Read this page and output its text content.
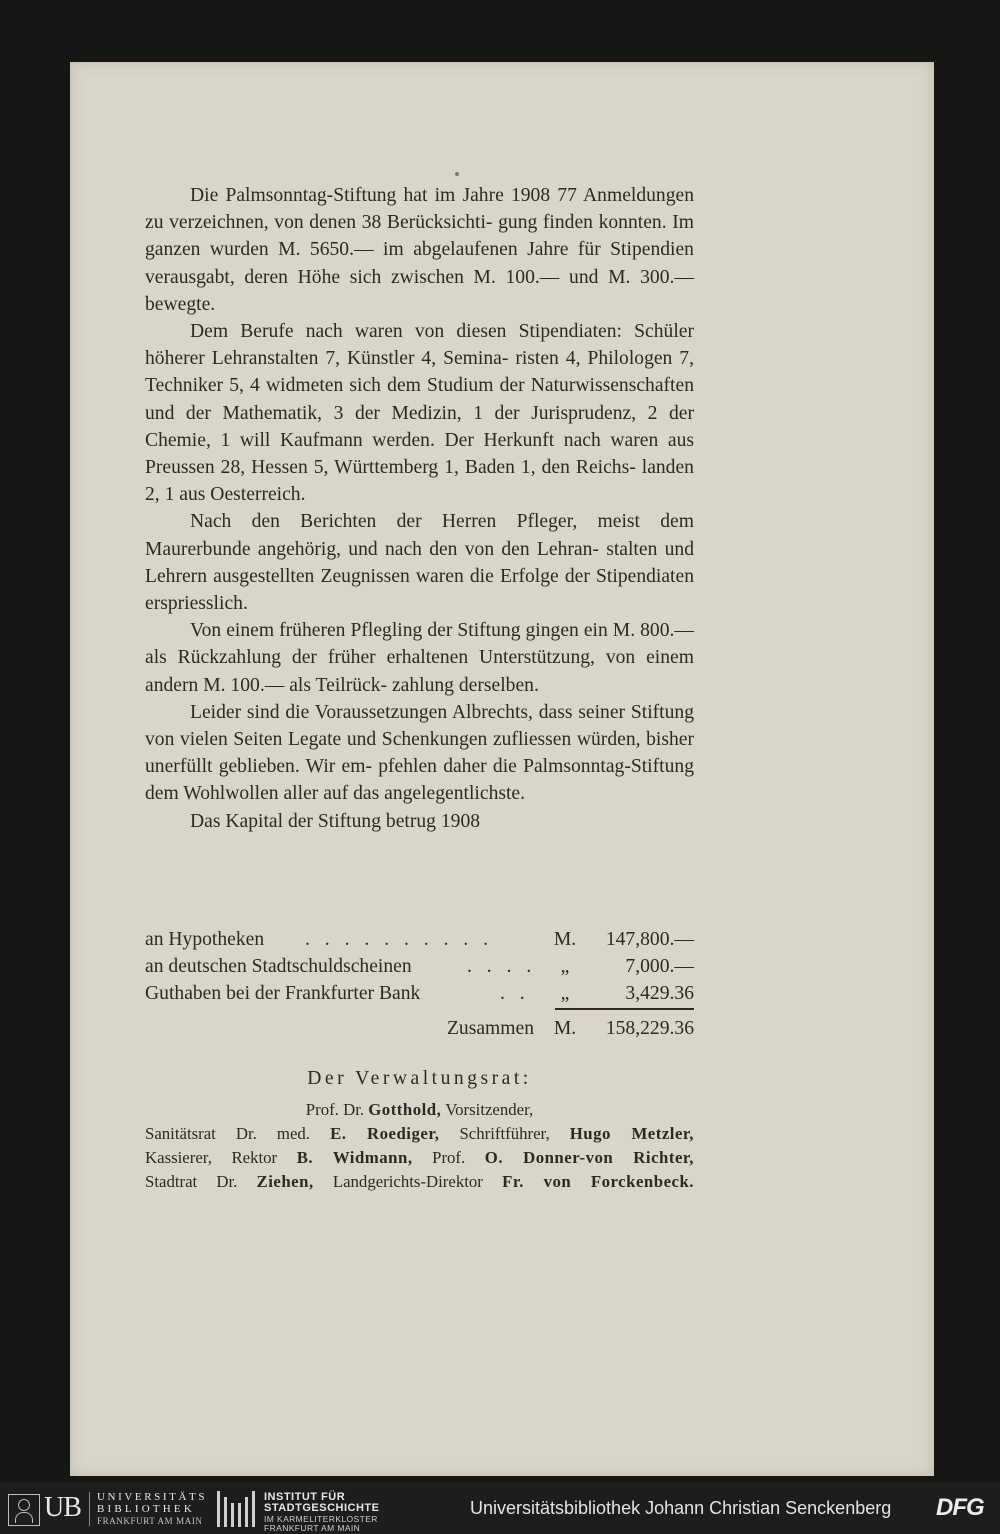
Die Palmsonntag-Stiftung hat im Jahre 1908 77 Anmeldungen zu verzeichnen, von denen 38 Berücksichti- gung finden konnten. Im ganzen wurden M. 5650.— im abgelaufenen Jahre für Stipendien verausgabt, deren Höhe sich zwischen M. 100.— und M. 300.— bewegte.

Dem Berufe nach waren von diesen Stipendiaten: Schüler höherer Lehranstalten 7, Künstler 4, Semina- risten 4, Philologen 7, Techniker 5, 4 widmeten sich dem Studium der Naturwissenschaften und der Mathematik, 3 der Medizin, 1 der Jurisprudenz, 2 der Chemie, 1 will Kaufmann werden. Der Herkunft nach waren aus Preussen 28, Hessen 5, Württemberg 1, Baden 1, den Reichs- landen 2, 1 aus Oesterreich.

Nach den Berichten der Herren Pfleger, meist dem Maurerbunde angehörig, und nach den von den Lehran- stalten und Lehrern ausgestellten Zeugnissen waren die Erfolge der Stipendiaten erspriesslich.

Von einem früheren Pflegling der Stiftung gingen ein M. 800.— als Rückzahlung der früher erhaltenen Unterstützung, von einem andern M. 100.— als Teilrück- zahlung derselben.

Leider sind die Voraussetzungen Albrechts, dass seiner Stiftung von vielen Seiten Legate und Schenkungen zufliessen würden, bisher unerfüllt geblieben. Wir em- pfehlen daher die Palmsonntag-Stiftung dem Wohlwollen aller auf das angelegentlichste.

Das Kapital der Stiftung betrug 1908

an Hypotheken . . . . . . . . . .	M. 147,800.—
an deutschen Stadtschuldscheinen	. . . .	„	7,000.—
Guthaben bei der Frankfurter Bank	. .	„	3,429.36
Zusammen M. 158,229.36
Der Verwaltungsrat:
Prof. Dr. Gotthold, Vorsitzender,
Sanitätsrat Dr. med. E. Roediger, Schriftführer, Hugo Metzler,
Kassierer, Rektor B. Widmann, Prof. O. Donner-von Richter,
Stadtrat Dr. Ziehen, Landgerichts-Direktor Fr. von Forckenbeck.
UB UNIVERSITÄTS
BIBLIOTHEK
FRANKFURT AM MAIN
INSTITUT FÜR
STADTGESCHICHTE
IM KARMELITERKLOSTER
FRANKFURT AM MAIN
Universitätsbibliothek Johann Christian Senckenberg DFG
